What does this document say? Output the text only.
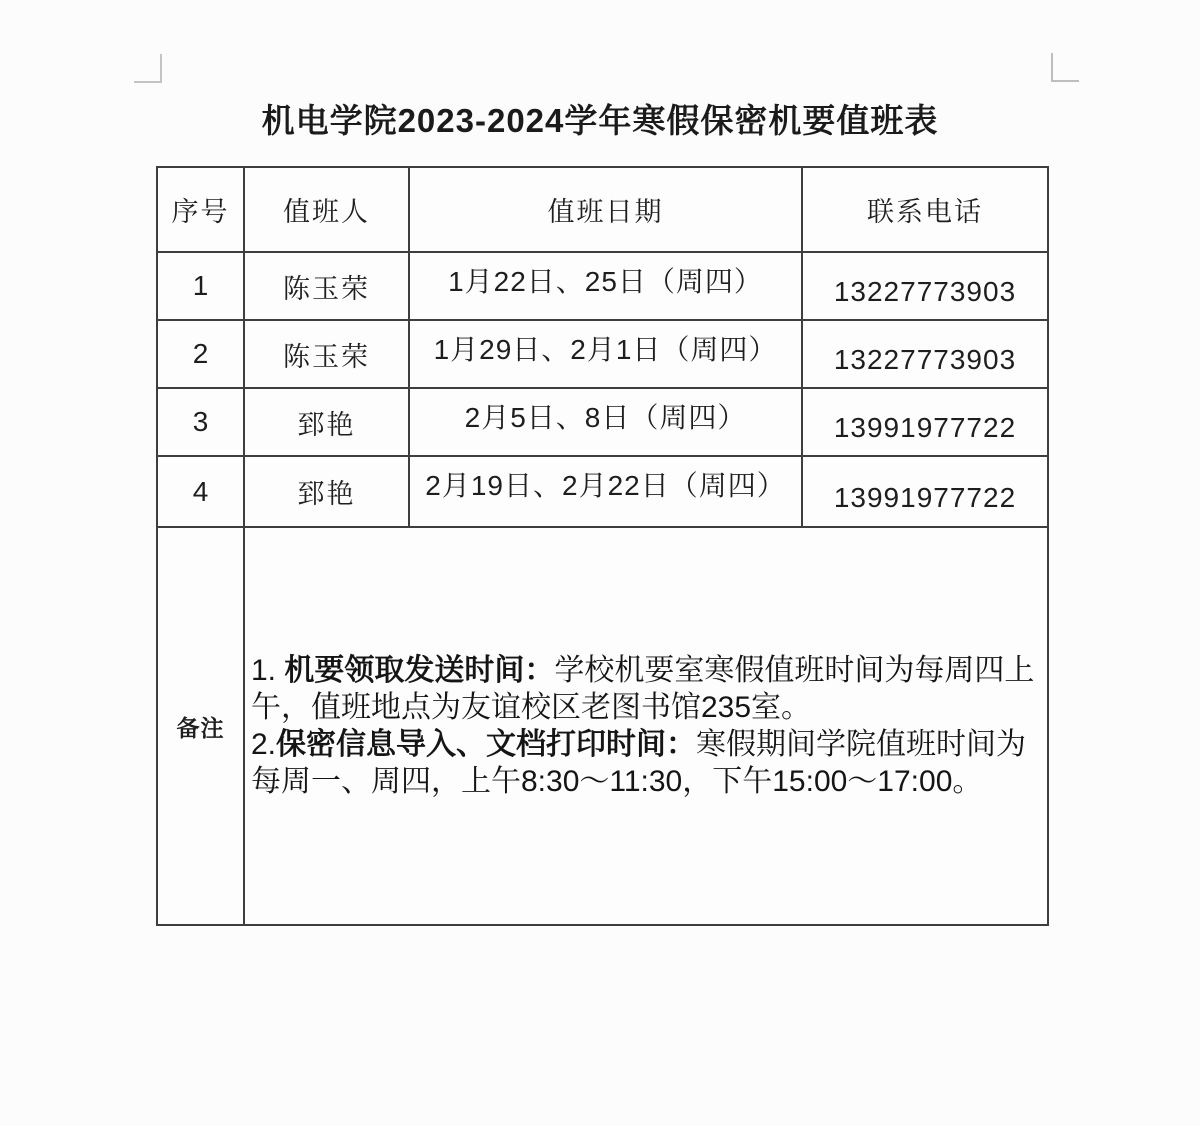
机电学院2023-2024学年寒假保密机要值班表
序号	值班人	值班日期	联系电话
1	陈玉荣	1月22日、25日（周四）	13227773903
2	陈玉荣	1月29日、2月1日（周四）	13227773903
3	郅艳	2月5日、8日（周四）	13991977722
4	郅艳	2月19日、2月22日（周四）	13991977722
备注	1. 机要领取发送时间：学校机要室寒假值班时间为每周四上午，值班地点为友谊校区老图书馆235室。

2.保密信息导入、文档打印时间：寒假期间学院值班时间为每周一、周四，上午8:30～11:30，下午15:00～17:00。		
